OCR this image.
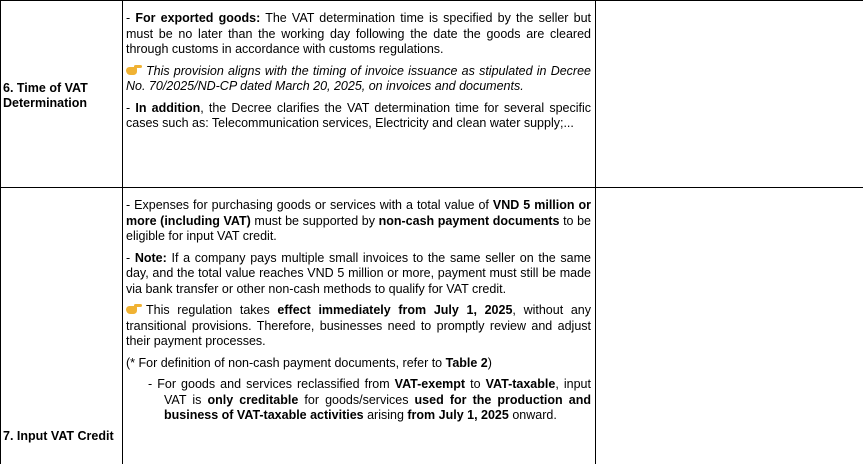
6. Time of VAT Determination	- For exported goods: The VAT determination time is specified by the seller but must be no later than the working day following the date the goods are cleared through customs in accordance with customs regulations.

This provision aligns with the timing of invoice issuance as stipulated in Decree No. 70/2025/ND-CP dated March 20, 2025, on invoices and documents.

- In addition, the Decree clarifies the VAT determination time for several specific cases such as: Telecommunication services, Electricity and clean water supply;...	

7. Input VAT Credit	- Expenses for purchasing goods or services with a total value of VND 5 million or more (including VAT) must be supported by non-cash payment documents to be eligible for input VAT credit.

- Note: If a company pays multiple small invoices to the same seller on the same day, and the total value reaches VND 5 million or more, payment must still be made via bank transfer or other non-cash methods to qualify for VAT credit.

This regulation takes effect immediately from July 1, 2025, without any transitional provisions. Therefore, businesses need to promptly review and adjust their payment processes.

(* For definition of non-cash payment documents, refer to Table 2)

- For goods and services reclassified from VAT-exempt to VAT-taxable, input VAT is only creditable for goods/services used for the production and business of VAT-taxable activities arising from July 1, 2025 onward.	
